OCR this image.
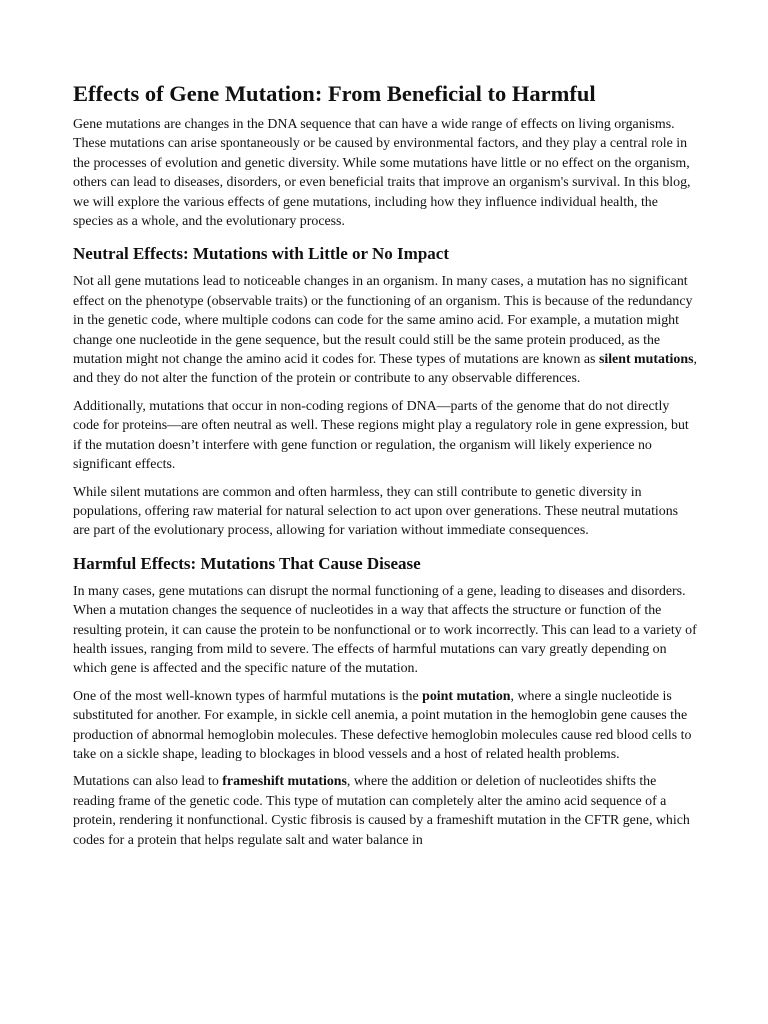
Effects of Gene Mutation: From Beneficial to Harmful

Gene mutations are changes in the DNA sequence that can have a wide range of effects on living organisms. These mutations can arise spontaneously or be caused by environmental factors, and they play a central role in the processes of evolution and genetic diversity. While some mutations have little or no effect on the organism, others can lead to diseases, disorders, or even beneficial traits that improve an organism's survival. In this blog, we will explore the various effects of gene mutations, including how they influence individual health, the species as a whole, and the evolutionary process.

Neutral Effects: Mutations with Little or No Impact

Not all gene mutations lead to noticeable changes in an organism. In many cases, a mutation has no significant effect on the phenotype (observable traits) or the functioning of an organism. This is because of the redundancy in the genetic code, where multiple codons can code for the same amino acid. For example, a mutation might change one nucleotide in the gene sequence, but the result could still be the same protein produced, as the mutation might not change the amino acid it codes for. These types of mutations are known as silent mutations, and they do not alter the function of the protein or contribute to any observable differences.

Additionally, mutations that occur in non-coding regions of DNA—parts of the genome that do not directly code for proteins—are often neutral as well. These regions might play a regulatory role in gene expression, but if the mutation doesn’t interfere with gene function or regulation, the organism will likely experience no significant effects.

While silent mutations are common and often harmless, they can still contribute to genetic diversity in populations, offering raw material for natural selection to act upon over generations. These neutral mutations are part of the evolutionary process, allowing for variation without immediate consequences.

Harmful Effects: Mutations That Cause Disease

In many cases, gene mutations can disrupt the normal functioning of a gene, leading to diseases and disorders. When a mutation changes the sequence of nucleotides in a way that affects the structure or function of the resulting protein, it can cause the protein to be nonfunctional or to work incorrectly. This can lead to a variety of health issues, ranging from mild to severe. The effects of harmful mutations can vary greatly depending on which gene is affected and the specific nature of the mutation.

One of the most well-known types of harmful mutations is the point mutation, where a single nucleotide is substituted for another. For example, in sickle cell anemia, a point mutation in the hemoglobin gene causes the production of abnormal hemoglobin molecules. These defective hemoglobin molecules cause red blood cells to take on a sickle shape, leading to blockages in blood vessels and a host of related health problems.

Mutations can also lead to frameshift mutations, where the addition or deletion of nucleotides shifts the reading frame of the genetic code. This type of mutation can completely alter the amino acid sequence of a protein, rendering it nonfunctional. Cystic fibrosis is caused by a frameshift mutation in the CFTR gene, which codes for a protein that helps regulate salt and water balance in
